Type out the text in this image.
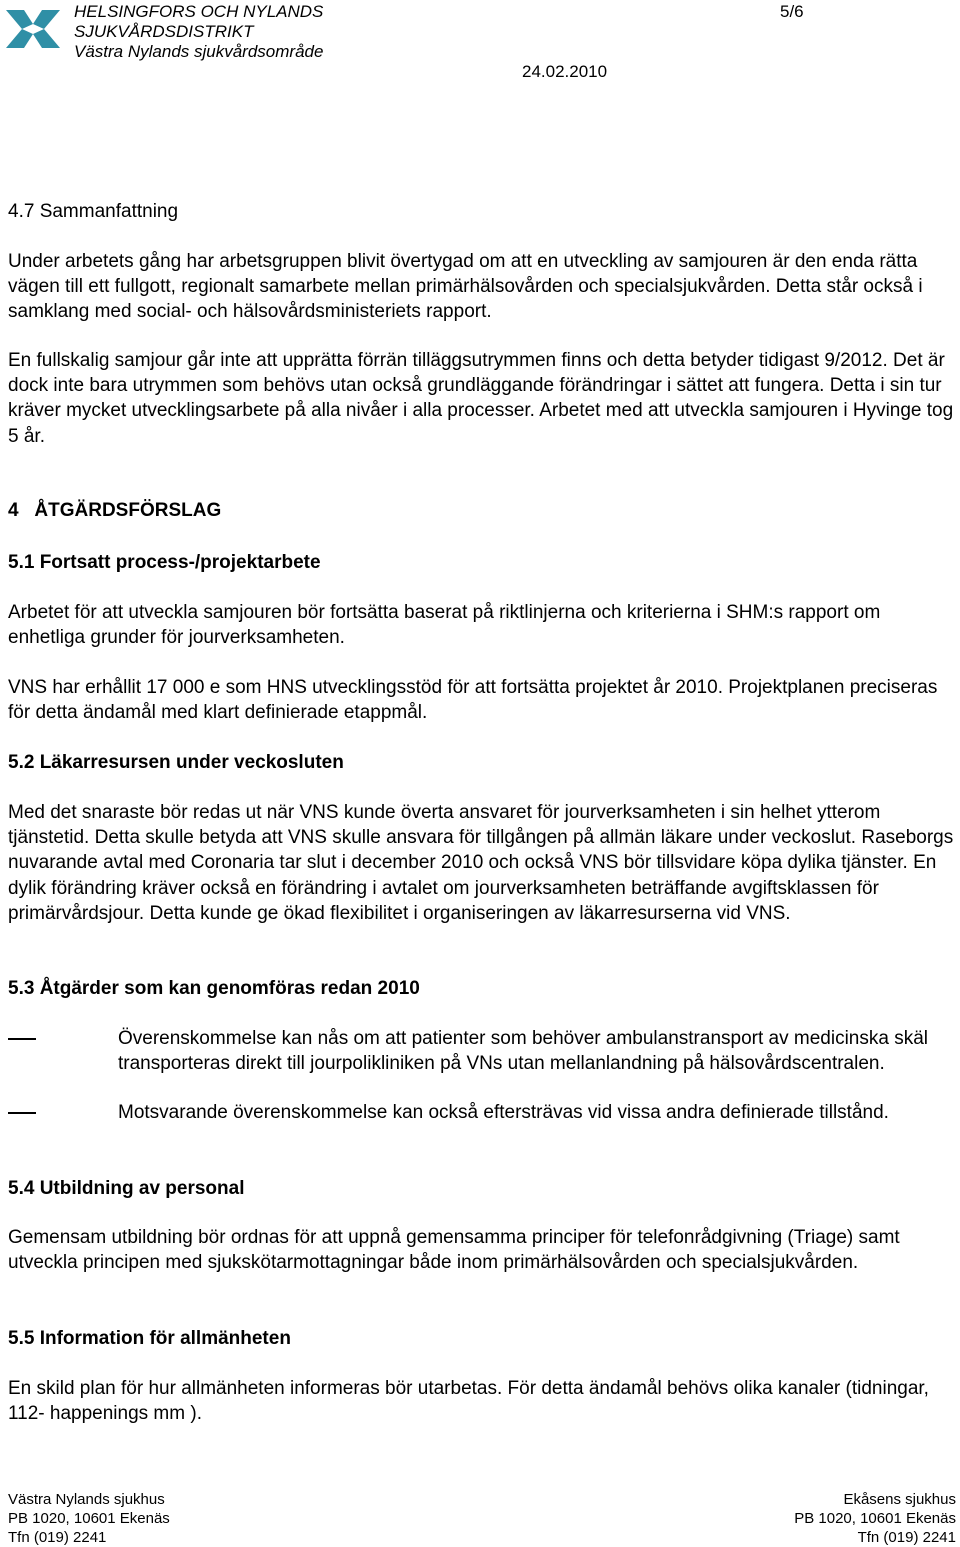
HELSINGFORS OCH NYLANDS
SJUKVÅRDSDISTRIKT
Västra Nylands sjukvårdsområde
5/6
24.02.2010
4.7 Sammanfattning
Under arbetets gång har arbetsgruppen blivit övertygad om att en utveckling av samjouren är den enda rätta vägen till ett fullgott, regionalt samarbete mellan primärhälsovården och specialsjukvården. Detta står också i samklang med social- och hälsovårdsministeriets rapport.
En fullskalig samjour går inte att upprätta förrän tilläggsutrymmen finns och detta betyder tidigast 9/2012. Det är dock inte bara utrymmen som behövs utan också grundläggande förändringar i sättet att fungera. Detta i sin tur kräver mycket utvecklingsarbete på alla nivåer i alla processer. Arbetet med att utveckla samjouren i Hyvinge tog 5 år.
4   ÅTGÄRDSFÖRSLAG
5.1 Fortsatt process-/projektarbete
Arbetet för att utveckla samjouren bör fortsätta baserat på riktlinjerna och kriterierna i SHM:s rapport om enhetliga grunder för jourverksamheten.
VNS har erhållit 17 000 e som HNS utvecklingsstöd för att fortsätta projektet år 2010. Projektplanen preciseras för detta ändamål med klart definierade etappmål.
5.2 Läkarresursen under veckosluten
Med det snaraste bör redas ut när VNS kunde överta ansvaret för jourverksamheten i sin helhet ytterom tjänstetid. Detta skulle betyda att VNS skulle ansvara för tillgången på allmän läkare under veckoslut. Raseborgs nuvarande avtal med Coronaria tar slut i december 2010 och också VNS bör tillsvidare köpa dylika tjänster. En dylik förändring kräver också en förändring i avtalet om jourverksamheten beträffande avgiftsklassen för primärvårdsjour. Detta kunde ge ökad flexibilitet i organiseringen av läkarresurserna vid VNS.
5.3 Åtgärder som kan genomföras redan 2010
Överenskommelse kan nås om att patienter som behöver ambulanstransport av medicinska skäl transporteras direkt till jourpolikliniken på VNs utan mellanlandning på hälsovårdscentralen.
Motsvarande överenskommelse kan också eftersträvas vid vissa andra definierade tillstånd.
5.4 Utbildning av personal
Gemensam utbildning bör ordnas för att uppnå gemensamma principer för telefonrådgivning (Triage) samt utveckla principen med sjukskötarmottagningar både inom primärhälsovården och specialsjukvården.
5.5 Information för allmänheten
En skild plan för hur allmänheten informeras bör utarbetas. För detta ändamål behövs olika kanaler (tidningar, 112- happenings mm ).
Västra Nylands sjukhus
PB 1020, 10601 Ekenäs
Tfn (019) 2241
Ekåsens sjukhus
PB 1020, 10601 Ekenäs
Tfn (019) 2241
